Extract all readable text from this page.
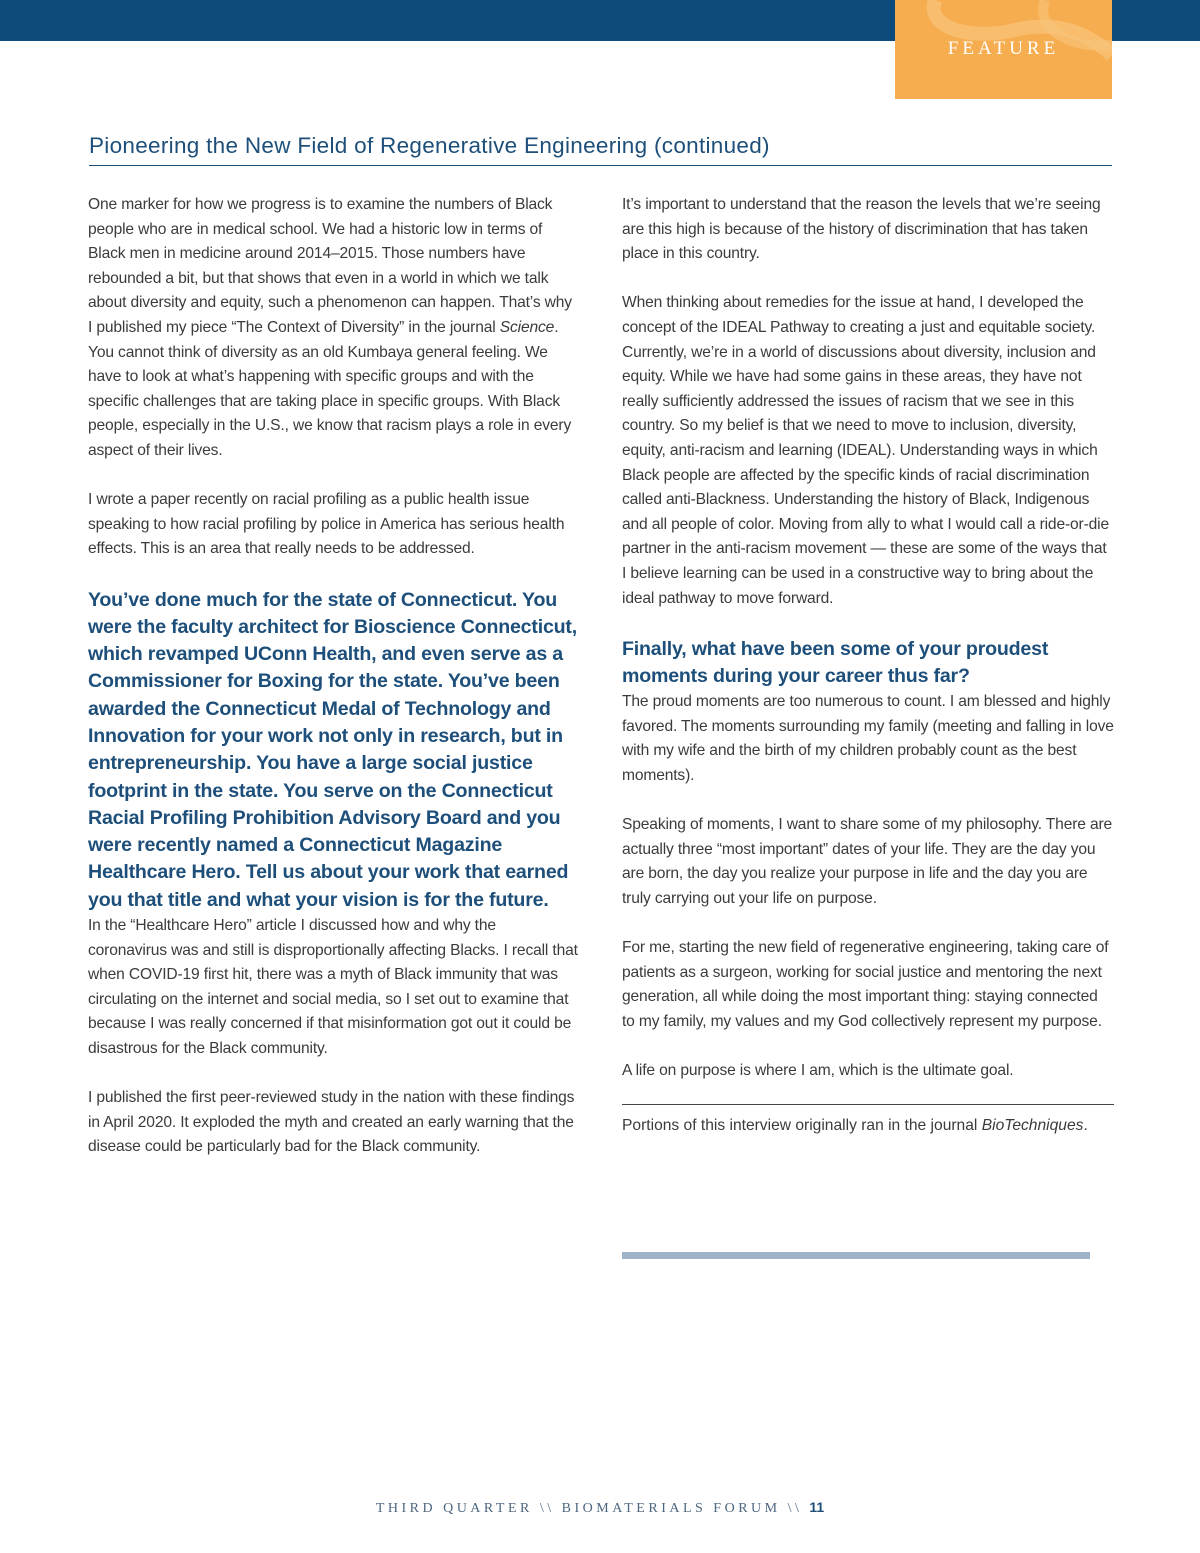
FEATURE
Pioneering the New Field of Regenerative Engineering (continued)

One marker for how we progress is to examine the numbers of Black people who are in medical school. We had a historic low in terms of Black men in medicine around 2014–2015. Those numbers have rebounded a bit, but that shows that even in a world in which we talk about diversity and equity, such a phenomenon can happen. That’s why I published my piece “The Context of Diversity” in the journal Science. You cannot think of diversity as an old Kumbaya general feeling. We have to look at what’s happening with specific groups and with the specific challenges that are taking place in specific groups. With Black people, especially in the U.S., we know that racism plays a role in every aspect of their lives.

I wrote a paper recently on racial profiling as a public health issue speaking to how racial profiling by police in America has serious health effects. This is an area that really needs to be addressed.

You’ve done much for the state of Connecticut. You were the faculty architect for Bioscience Connecticut, which revamped UConn Health, and even serve as a Commissioner for Boxing for the state. You’ve been awarded the Connecticut Medal of Technology and Innovation for your work not only in research, but in entrepreneurship. You have a large social justice footprint in the state. You serve on the Connecticut Racial Profiling Prohibition Advisory Board and you were recently named a Connecticut Magazine Healthcare Hero. Tell us about your work that earned you that title and what your vision is for the future.

In the “Healthcare Hero” article I discussed how and why the coronavirus was and still is disproportionally affecting Blacks. I recall that when COVID-19 first hit, there was a myth of Black immunity that was circulating on the internet and social media, so I set out to examine that because I was really concerned if that misinformation got out it could be disastrous for the Black community.

I published the first peer-reviewed study in the nation with these findings in April 2020. It exploded the myth and created an early warning that the disease could be particularly bad for the Black community.

It’s important to understand that the reason the levels that we’re seeing are this high is because of the history of discrimination that has taken place in this country.

When thinking about remedies for the issue at hand, I developed the concept of the IDEAL Pathway to creating a just and equitable society. Currently, we’re in a world of discussions about diversity, inclusion and equity. While we have had some gains in these areas, they have not really sufficiently addressed the issues of racism that we see in this country. So my belief is that we need to move to inclusion, diversity, equity, anti-racism and learning (IDEAL). Understanding ways in which Black people are affected by the specific kinds of racial discrimination called anti-Blackness. Understanding the history of Black, Indigenous and all people of color. Moving from ally to what I would call a ride-or-die partner in the anti-racism movement — these are some of the ways that I believe learning can be used in a constructive way to bring about the ideal pathway to move forward.

Finally, what have been some of your proudest moments during your career thus far?

The proud moments are too numerous to count. I am blessed and highly favored. The moments surrounding my family (meeting and falling in love with my wife and the birth of my children probably count as the best moments).

Speaking of moments, I want to share some of my philosophy. There are actually three “most important” dates of your life. They are the day you are born, the day you realize your purpose in life and the day you are truly carrying out your life on purpose.

For me, starting the new field of regenerative engineering, taking care of patients as a surgeon, working for social justice and mentoring the next generation, all while doing the most important thing: staying connected to my family, my values and my God collectively represent my purpose.

A life on purpose is where I am, which is the ultimate goal.

Portions of this interview originally ran in the journal BioTechniques.

THIRD QUARTER \\ BIOMATERIALS FORUM \\ 11
